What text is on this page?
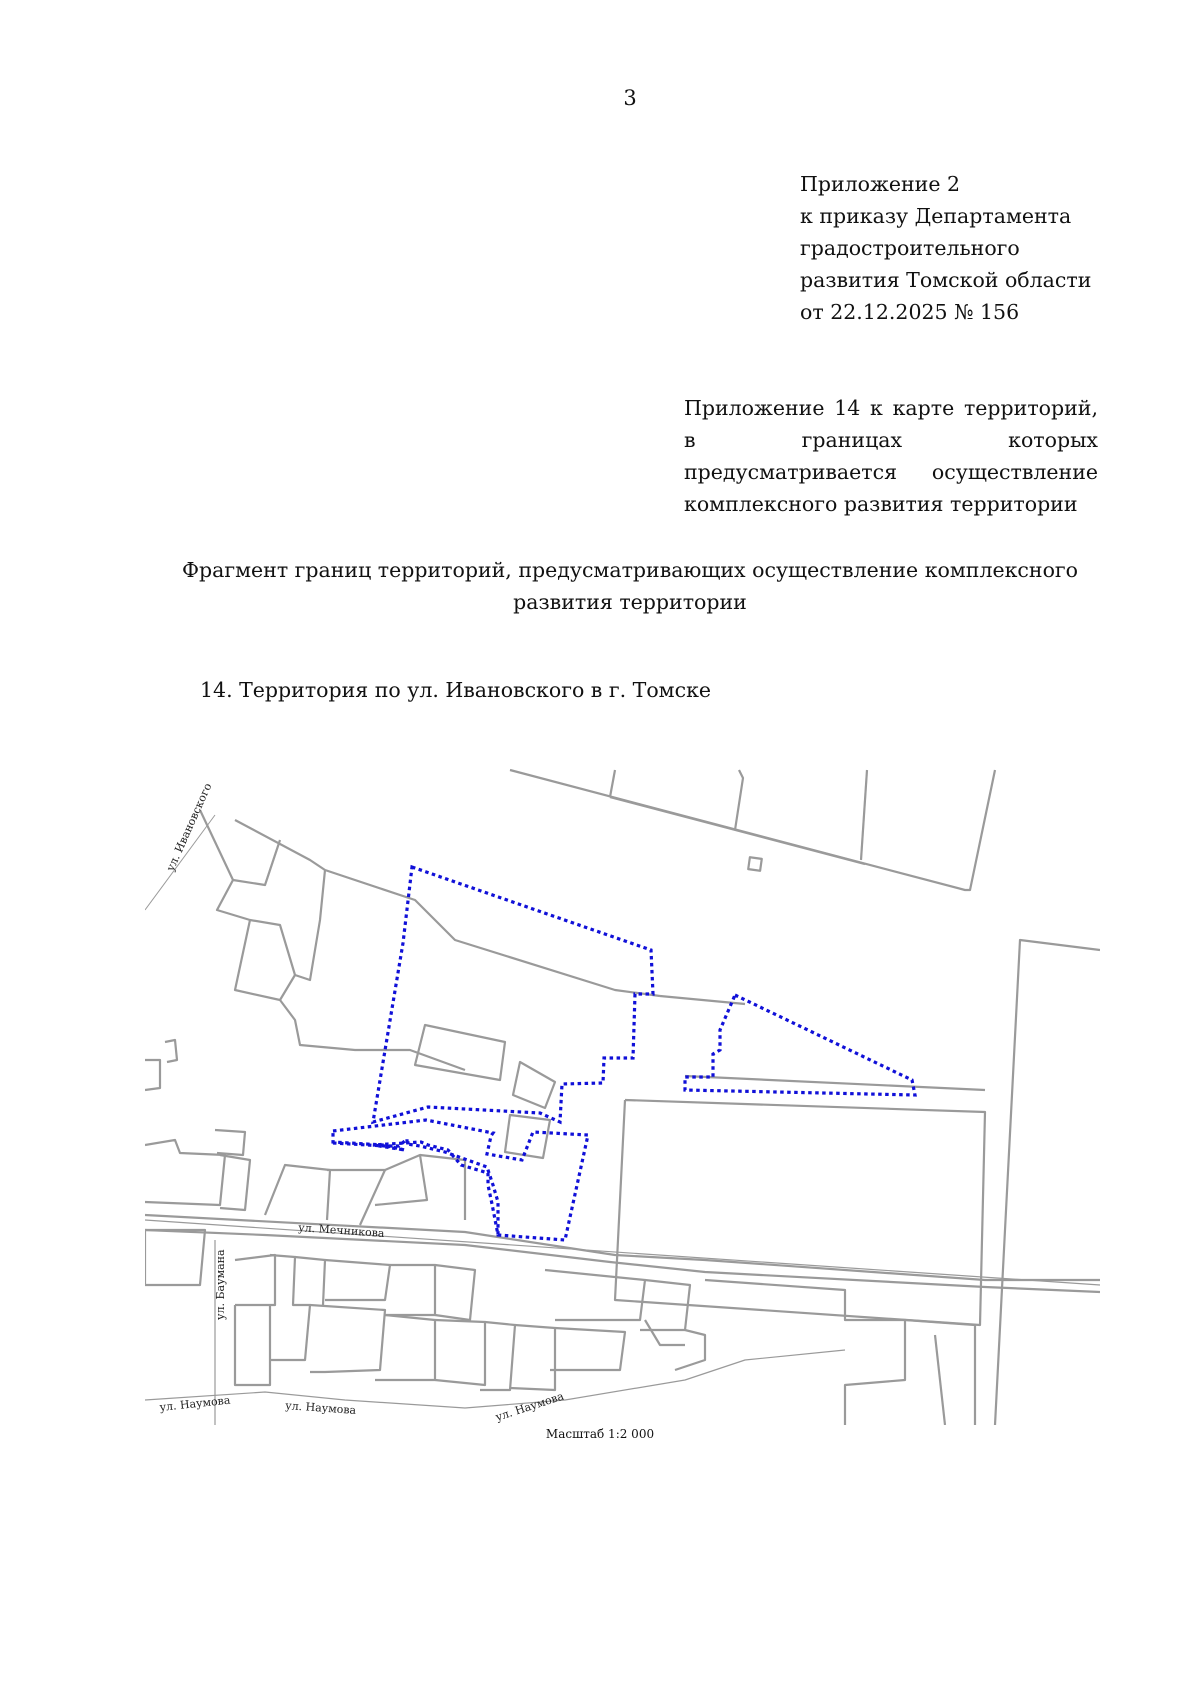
3
Приложение 2
к приказу Департамента
градостроительного
развития Томской области
от 22.12.2025 № 156
Приложение 14 к карте территорий, в границах которых предусматривается осуществление комплексного развития территории
Фрагмент границ территорий, предусматривающих осуществление комплексного развития территории
14. Территория по ул. Ивановского в г. Томске
ул. Ивановского
ул. Мечникова
ул. Баумана
ул. Наумова	ул. Наумова	ул. Наумова
Масштаб 1:2 000
